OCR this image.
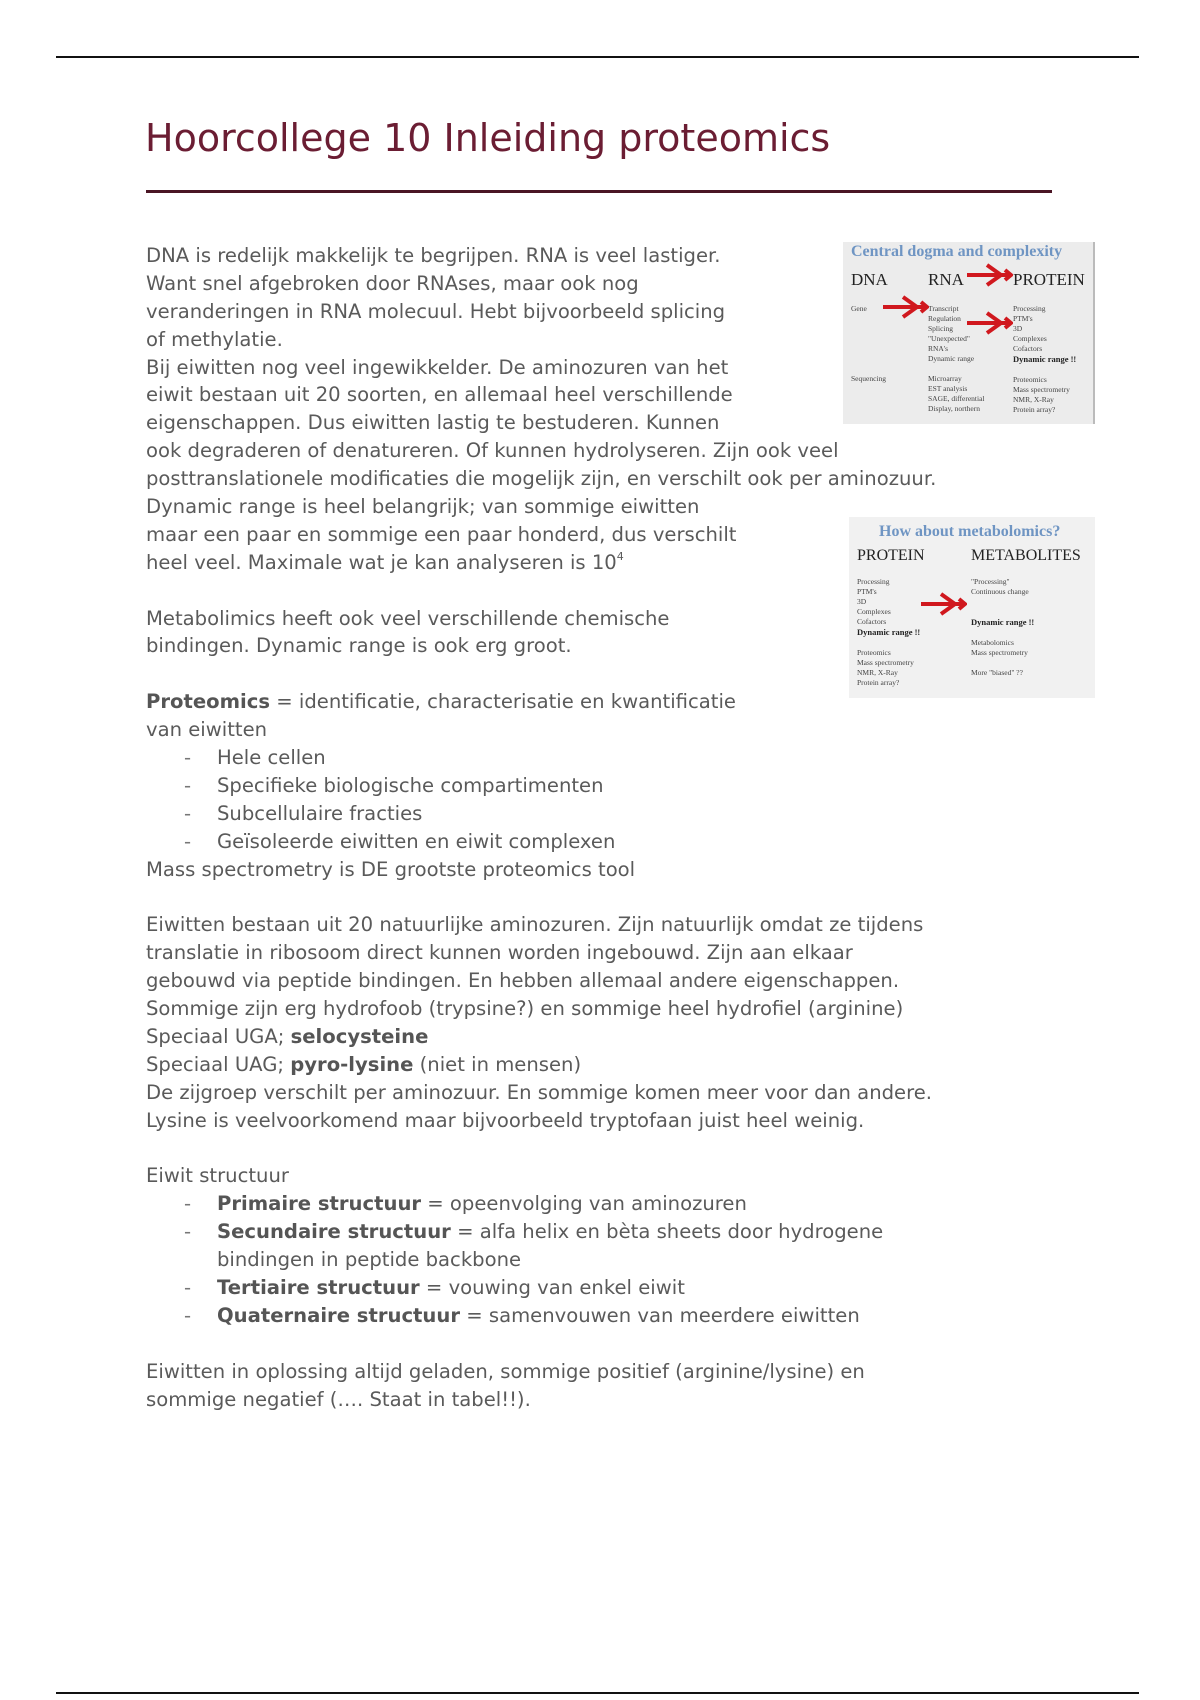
Hoorcollege 10 Inleiding proteomics
DNA is redelijk makkelijk te begrijpen. RNA is veel lastiger.
Want snel afgebroken door RNAses, maar ook nog
veranderingen in RNA molecuul. Hebt bijvoorbeeld splicing
of methylatie.
Bij eiwitten nog veel ingewikkelder. De aminozuren van het
eiwit bestaan uit 20 soorten, en allemaal heel verschillende
eigenschappen. Dus eiwitten lastig te bestuderen. Kunnen
ook degraderen of denatureren. Of kunnen hydrolyseren. Zijn ook veel
posttranslationele modificaties die mogelijk zijn, en verschilt ook per aminozuur.
Dynamic range is heel belangrijk; van sommige eiwitten
maar een paar en sommige een paar honderd, dus verschilt
heel veel. Maximale wat je kan analyseren is $10^4$
Metabolimics heeft ook veel verschillende chemische
bindingen. Dynamic range is ook erg groot.
Proteomics = identificatie, characterisatie en kwantificatie
van eiwitten
- Hele cellen
- Specifieke biologische compartimenten
- Subcellulaire fracties
- Geïsoleerde eiwitten en eiwit complexen
Mass spectrometry is DE grootste proteomics tool
Eiwitten bestaan uit 20 natuurlijke aminozuren. Zijn natuurlijk omdat ze tijdens
translatie in ribosoom direct kunnen worden ingebouwd. Zijn aan elkaar
gebouwd via peptide bindingen. En hebben allemaal andere eigenschappen.
Sommige zijn erg hydrofoob (trypsine?) en sommige heel hydrofiel (arginine)
Speciaal UGA; selocysteine
Speciaal UAG; pyro-lysine (niet in mensen)
De zijgroep verschilt per aminozuur. En sommige komen meer voor dan andere.
Lysine is veelvoorkomend maar bijvoorbeeld tryptofaan juist heel weinig.
Eiwit structuur
- Primaire structuur = opeenvolging van aminozuren
- Secundaire structuur = alfa helix en bèta sheets door hydrogene
bindingen in peptide backbone
- Tertiaire structuur = vouwing van enkel eiwit
- Quaternaire structuur = samenvouwen van meerdere eiwitten
Eiwitten in oplossing altijd geladen, sommige positief (arginine/lysine) en
sommige negatief (…. Staat in tabel!!).
Central dogma and complexity
DNA RNA	PROTEIN
Gene

Sequencing
Transcript
Regulation
Splicing
"Unexpected"
RNA's
Dynamic range

Microarray
EST analysis
SAGE, differential
Display, northern
Processing
PTM's
3D
Complexes
Cofactors
Dynamic range !!

Proteomics
Mass spectrometry
NMR, X-Ray
Protein array?
How about metabolomics?
PROTEIN	METABOLITES
Processing
PTM's
3D
Complexes
Cofactors
Dynamic range !!

Proteomics
Mass spectrometry
NMR, X-Ray
Protein array?
"Processing"
Continuous change

Dynamic range !!

Metabolomics
Mass spectrometry

More "biased" ??
